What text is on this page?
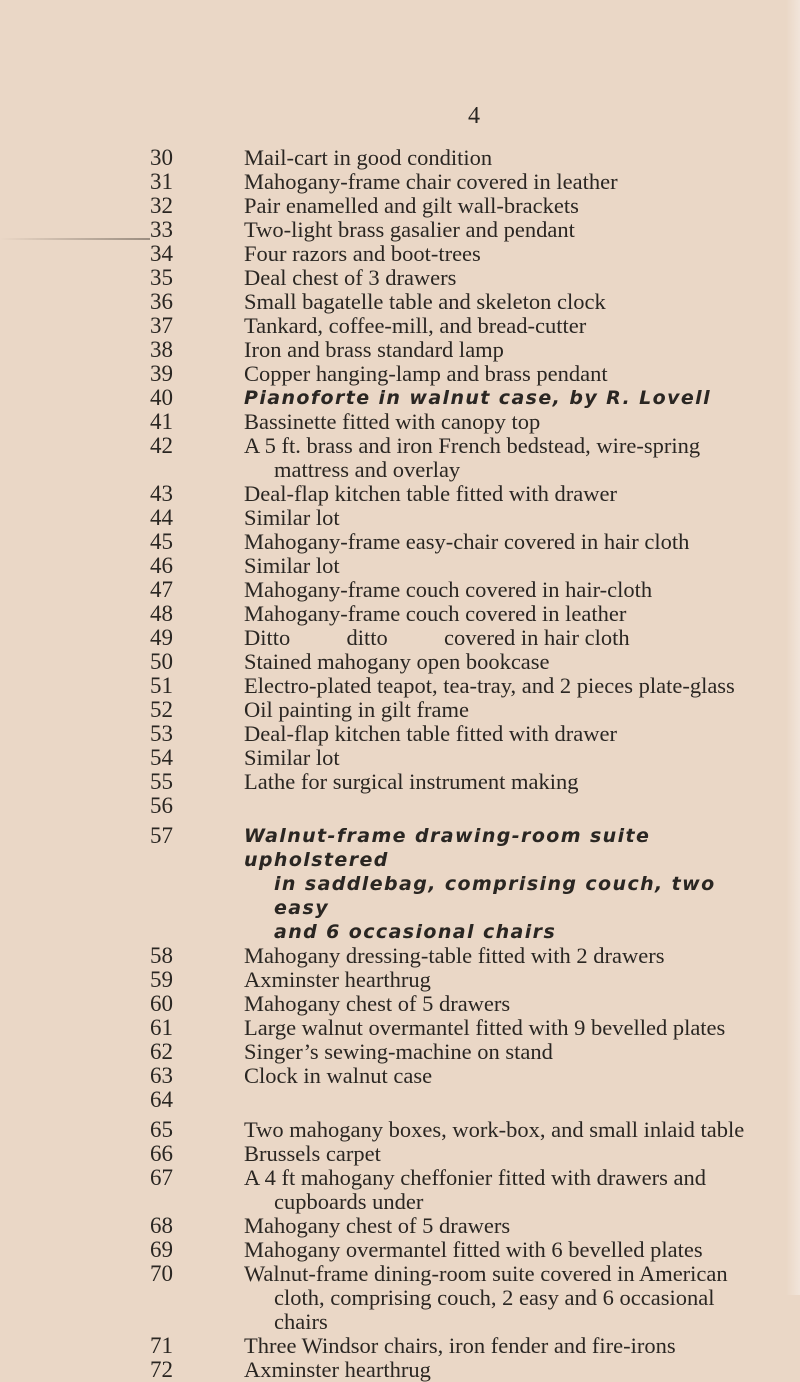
4
30	Mail-cart in good condition
31	Mahogany-frame chair covered in leather
32	Pair enamelled and gilt wall-brackets
33	Two-light brass gasalier and pendant
34	Four razors and boot-trees
35	Deal chest of 3 drawers
36	Small bagatelle table and skeleton clock
37	Tankard, coffee-mill, and bread-cutter
38	Iron and brass standard lamp
39	Copper hanging-lamp and brass pendant
40	Pianoforte in walnut case, by R. Lovell
41	Bassinette fitted with canopy top
42	A 5 ft. brass and iron French bedstead, wire-spring
mattress and overlay
43	Deal-flap kitchen table fitted with drawer
44	Similar lot
45	Mahogany-frame easy-chair covered in hair cloth
46	Similar lot
47	Mahogany-frame couch covered in hair-cloth
48	Mahogany-frame couch covered in leather
49	Ditto	ditto	covered in hair cloth
50	Stained mahogany open bookcase
51	Electro-plated teapot, tea-tray, and 2 pieces plate-glass
52	Oil painting in gilt frame
53	Deal-flap kitchen table fitted with drawer
54	Similar lot
55	Lathe for surgical instrument making
56
57	Walnut-frame drawing-room suite upholstered
in saddlebag, comprising couch, two easy
and 6 occasional chairs
58	Mahogany dressing-table fitted with 2 drawers
59	Axminster hearthrug
60	Mahogany chest of 5 drawers
61	Large walnut overmantel fitted with 9 bevelled plates
62	Singer’s sewing-machine on stand
63	Clock in walnut case
64
65	Two mahogany boxes, work-box, and small inlaid table
66	Brussels carpet
67	A 4 ft mahogany cheffonier fitted with drawers and
cupboards under
68	Mahogany chest of 5 drawers
69	Mahogany overmantel fitted with 6 bevelled plates
70	Walnut-frame dining-room suite covered in American
cloth, comprising couch, 2 easy and 6 occasional
chairs
71	Three Windsor chairs, iron fender and fire-irons
72	Axminster hearthrug
